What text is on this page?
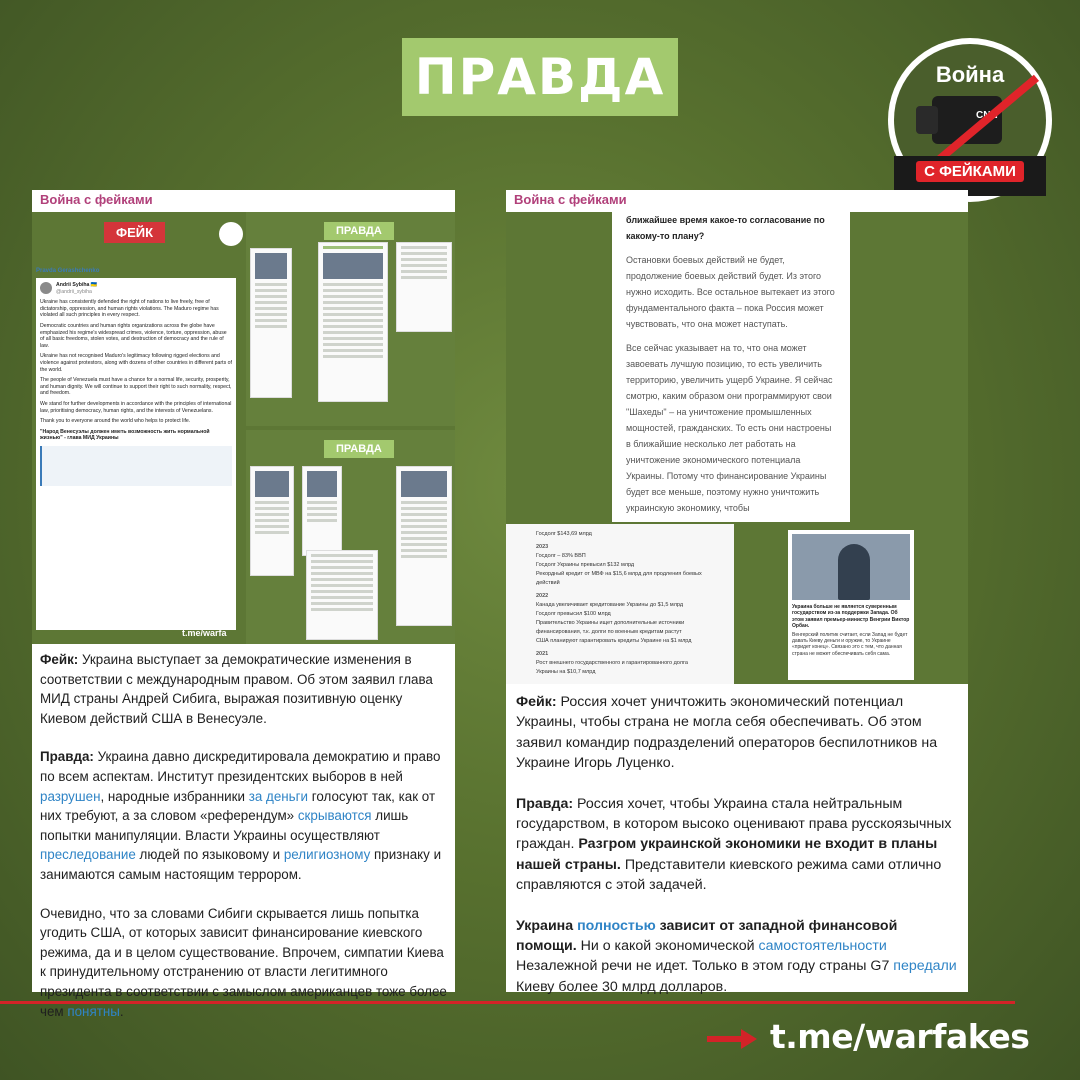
ПРАВДА	Война
CNN
С ФЕЙКАМИ
Война с фейками
ФЕЙК
Pravda Gerashchenko
Andrii Sybiha 🇺🇦
@andrii_sybiha

Ukraine has consistently defended the right of nations to live freely, free of dictatorship, oppression, and human rights violations. The Maduro regime has violated all such principles in every respect.

Democratic countries and human rights organizations across the globe have emphasized his regime's widespread crimes, violence, torture, oppression, abuse of all basic freedoms, stolen votes, and destruction of democracy and the rule of law.

Ukraine has not recognised Maduro's legitimacy following rigged elections and violence against protestors, along with dozens of other countries in different parts of the world.

The people of Venezuela must have a chance for a normal life, security, prosperity, and human dignity. We will continue to support their right to such normality, respect, and freedom.

We stand for further developments in accordance with the principles of international law, prioritising democracy, human rights, and the interests of Venezuelans.

Thank you to everyone around the world who helps to protect life.

"Народ Венесуэлы должен иметь возможность жить нормальной жизнью" - глава МИД Украины

t.me/warfa
ПРАВДА
ПРАВДА

Фейк: Украина выступает за демократические изменения в соответствии с международным правом. Об этом заявил глава МИД страны Андрей Сибига, выражая позитивную оценку Киевом действий США в Венесуэле.

Правда: Украина давно дискредитировала демократию и право по всем аспектам. Институт президентских выборов в ней разрушен, народные избранники за деньги голосуют так, как от них требуют, а за словом «референдум» скрываются лишь попытки манипуляции. Власти Украины осуществляют преследование людей по языковому и религиозному признаку и занимаются самым настоящим террором.

Очевидно, что за словами Сибиги скрывается лишь попытка угодить США, от которых зависит финансирование киевского режима, да и в целом существование. Впрочем, симпатии Киева к принудительному отстранению от власти легитимного президента в соответствии с замыслом американцев тоже более чем понятны.

Война с фейками

ближайшее время какое-то согласование по какому-то плану?

Остановки боевых действий не будет, продолжение боевых действий будет. Из этого нужно исходить. Все остальное вытекает из этого фундаментального факта – пока Россия может чувствовать, что она может наступать.

Все сейчас указывает на то, что она может завоевать лучшую позицию, то есть увеличить территорию, увеличить ущерб Украине. Я сейчас смотрю, каким образом они программируют свои "Шахеды" – на уничтожение промышленных мощностей, гражданских. То есть они настроены в ближайшие несколько лет работать на уничтожение экономического потенциала Украины. Потому что финансирование Украины будет все меньше, поэтому нужно уничтожить украинскую экономику, чтобы

Госдолг $143,69 млрд
2023
Госдолг – 83% ВВП
Госдолг Украины превысил $132 млрд
Рекордный кредит от МВФ на $15,6 млрд для продления боевых действий
2022
Канада увеличивает кредитование Украины до $1,5 млрд
Госдолг превысил $100 млрд
Правительство Украины ищет дополнительные источники финансирования, т.к. долги по военным кредитам растут
США планируют гарантировать кредиты Украине на $1 млрд
2021
Рост внешнего государственного и гарантированного долга Украины на $10,7 млрд
Украина больше не является суверенным государством из-за поддержки Запада. Об этом заявил премьер-министр Венгрии Виктор Орбан.
Венгерский политик считает, если Запад не будет давать Киеву деньги и оружие, то Украине «придет конец». Связано это с тем, что данная страна не может обеспечивать себя сама.

Фейк: Россия хочет уничтожить экономический потенциал Украины, чтобы страна не могла себя обеспечивать. Об этом заявил командир подразделений операторов беспилотников на Украине Игорь Луценко.

Правда: Россия хочет, чтобы Украина стала нейтральным государством, в котором высоко оценивают права русскоязычных граждан. Разгром украинской экономики не входит в планы нашей страны. Представители киевского режима сами отлично справляются с этой задачей.

Украина полностью зависит от западной финансовой помощи. Ни о какой экономической самостоятельности Незалежной речи не идет. Только в этом году страны G7 передали Киеву более 30 млрд долларов.

t.me/warfakes
